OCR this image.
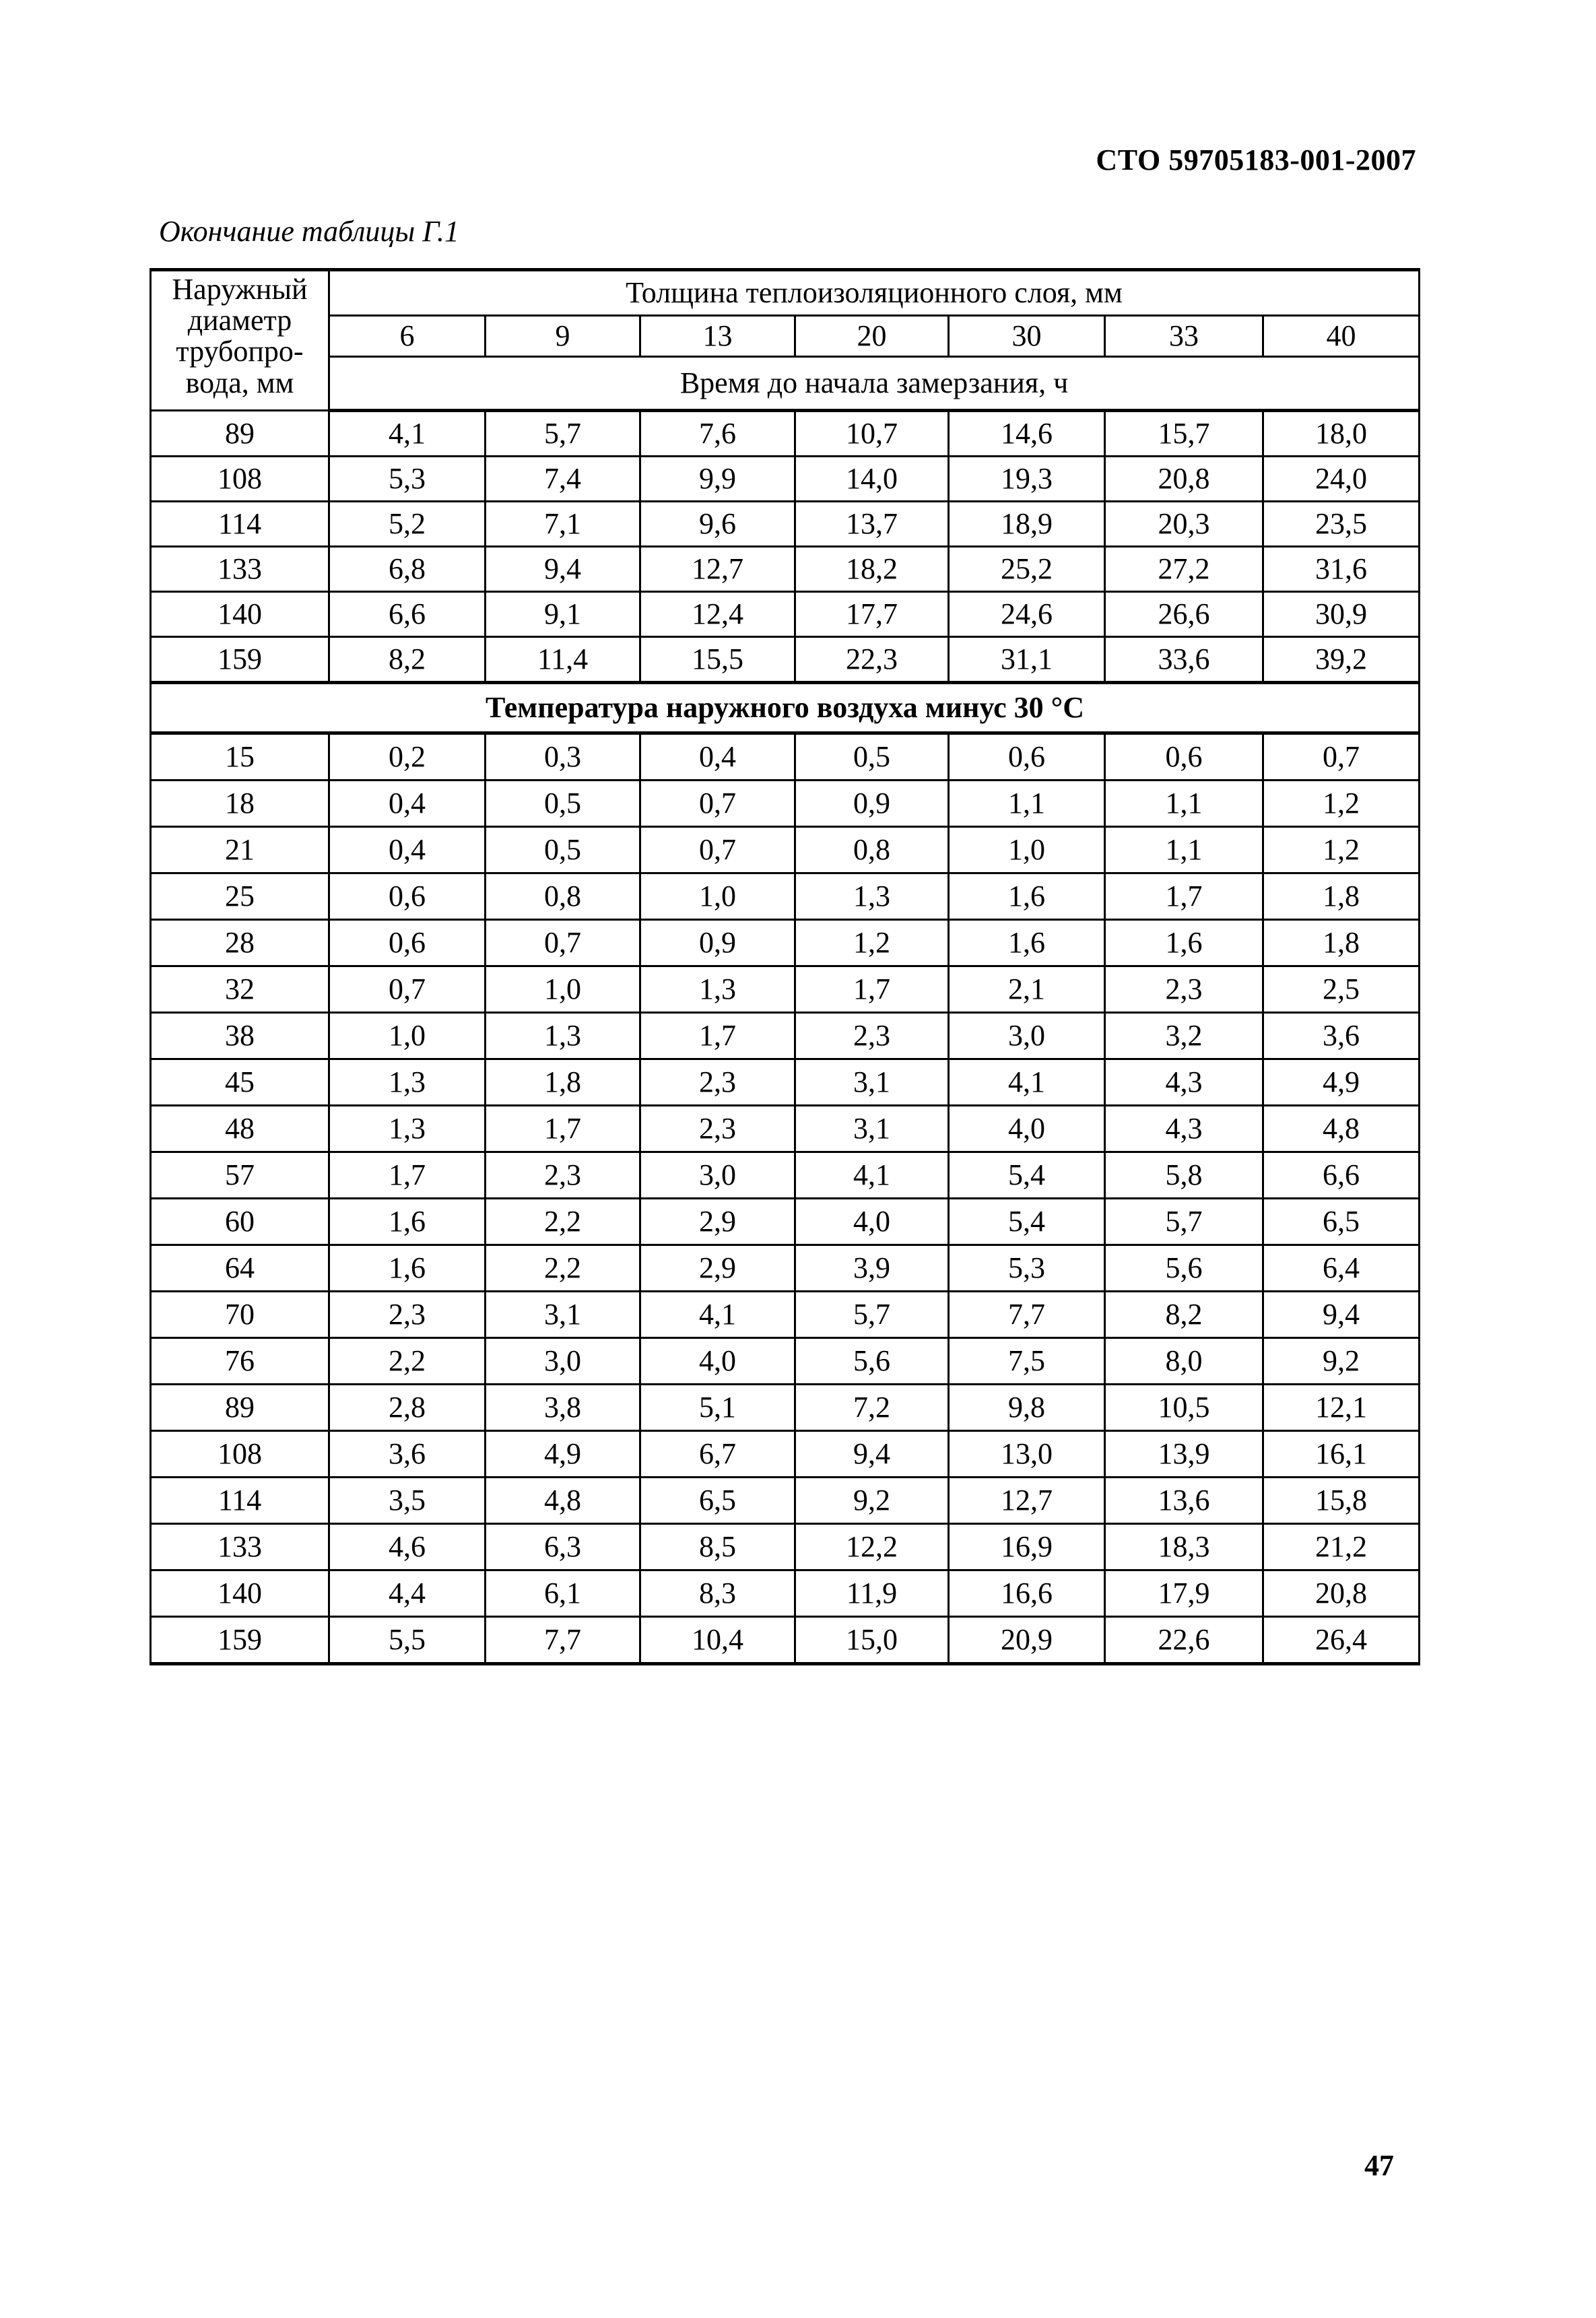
СТО 59705183-001-2007
Окончание таблицы Г.1
Наружный
диаметр
трубопро-
вода, мм	Толщина теплоизоляционного слоя, мм						
	6	9	13	20	30	33	40
	Время до начала замерзания, ч						
89	4,1	5,7	7,6	10,7	14,6	15,7	18,0
108	5,3	7,4	9,9	14,0	19,3	20,8	24,0
114	5,2	7,1	9,6	13,7	18,9	20,3	23,5
133	6,8	9,4	12,7	18,2	25,2	27,2	31,6
140	6,6	9,1	12,4	17,7	24,6	26,6	30,9
159	8,2	11,4	15,5	22,3	31,1	33,6	39,2
Температура наружного воздуха минус 30 °С							
15	0,2	0,3	0,4	0,5	0,6	0,6	0,7
18	0,4	0,5	0,7	0,9	1,1	1,1	1,2
21	0,4	0,5	0,7	0,8	1,0	1,1	1,2
25	0,6	0,8	1,0	1,3	1,6	1,7	1,8
28	0,6	0,7	0,9	1,2	1,6	1,6	1,8
32	0,7	1,0	1,3	1,7	2,1	2,3	2,5
38	1,0	1,3	1,7	2,3	3,0	3,2	3,6
45	1,3	1,8	2,3	3,1	4,1	4,3	4,9
48	1,3	1,7	2,3	3,1	4,0	4,3	4,8
57	1,7	2,3	3,0	4,1	5,4	5,8	6,6
60	1,6	2,2	2,9	4,0	5,4	5,7	6,5
64	1,6	2,2	2,9	3,9	5,3	5,6	6,4
70	2,3	3,1	4,1	5,7	7,7	8,2	9,4
76	2,2	3,0	4,0	5,6	7,5	8,0	9,2
89	2,8	3,8	5,1	7,2	9,8	10,5	12,1
108	3,6	4,9	6,7	9,4	13,0	13,9	16,1
114	3,5	4,8	6,5	9,2	12,7	13,6	15,8
133	4,6	6,3	8,5	12,2	16,9	18,3	21,2
140	4,4	6,1	8,3	11,9	16,6	17,9	20,8
159	5,5	7,7	10,4	15,0	20,9	22,6	26,4
47
